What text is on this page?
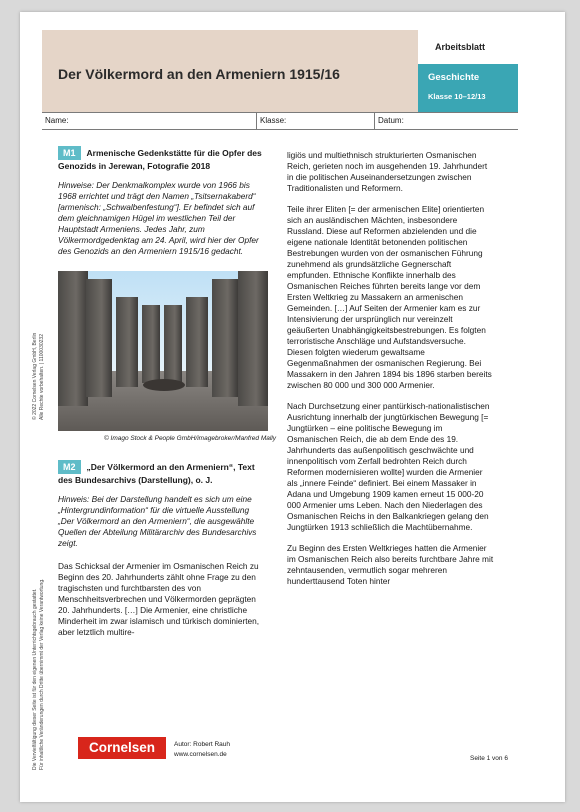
Der Völkermord an den Armeniern 1915/16
Arbeitsblatt
Geschichte
Klasse 10–12/13
Name:	Klasse:	Datum:
© 2022 Cornelsen Verlag GmbH, Berlin Alle Rechte vorbehalten. | 1100030232
Die Vervielfältigung dieser Seite ist für den eigenen Unterrichtsgebrauch gestattet. Für inhaltliche Veränderungen durch Dritte übernimmt der Verlag keine Verantwortung.
M1 Armenische Gedenkstätte für die Opfer des Genozids in Jerewan, Fotografie 2018
Hinweise: Der Denkmalkomplex wurde von 1966 bis 1968 errichtet und trägt den Namen „Tsitsernakaberd“ [armenisch: „Schwalbenfestung“]. Er befindet sich auf dem gleichnamigen Hügel im westlichen Teil der Hauptstadt Armeniens. Jedes Jahr, zum Völkermordgedenktag am 24. April, wird hier der Opfer des Genozids an den Armeniern 1915/16 gedacht.
© Imago Stock & People GmbH/imagebroker/Manfred Mally
M2 „Der Völkermord an den Armeniern“, Text des Bundesarchivs (Darstellung), o. J.
Hinweis: Bei der Darstellung handelt es sich um eine „Hintergrundinformation“ für die virtuelle Ausstellung „Der Völkermord an den Armeniern“, die ausgewählte Quellen der Abteilung Militärarchiv des Bundesarchivs zeigt.

Das Schicksal der Armenier im Osmanischen Reich zu Beginn des 20. Jahrhunderts zählt ohne Frage zu den tragischsten und furchtbarsten des von Menschheitsverbrechen und Völkermorden geprägten 20. Jahrhunderts. […] Die Armenier, eine christliche Minderheit im zwar islamisch und türkisch dominierten, aber letztlich multire-

ligiös und multiethnisch strukturierten Osmanischen Reich, gerieten noch im ausgehenden 19. Jahrhundert in die politischen Auseinandersetzungen zwischen Traditionalisten und Reformern.

Teile ihrer Eliten [= der armenischen Elite] orientierten sich an ausländischen Mächten, insbesondere Russland. Diese auf Reformen abzielenden und die eigene nationale Identität betonenden politischen Bestrebungen wurden von der osmanischen Führung zunehmend als grundsätzliche Gegnerschaft empfunden. Ethnische Konflikte innerhalb des Osmanischen Reiches führten bereits lange vor dem Ersten Weltkrieg zu Massakern an armenischen Gemeinden. […] Auf Seiten der Armenier kam es zur Intensivierung der ursprünglich nur vereinzelt geäußerten Unabhängigkeitsbestrebungen. Es folgten terroristische Anschläge und Aufstandsversuche. Diesen folgten wiederum gewaltsame Gegenmaßnahmen der osmanischen Regierung. Bei Massakern in den Jahren 1894 bis 1896 starben bereits zwischen 80 000 und 300 000 Armenier.

Nach Durchsetzung einer pantürkisch-nationalistischen Ausrichtung innerhalb der jungtürkischen Bewegung [= Jungtürken – eine politische Bewegung im Osmanischen Reich, die ab dem Ende des 19. Jahrhunderts das außenpolitisch geschwächte und innenpolitisch vom Zerfall bedrohten Reich durch Reformen modernisieren wollte] wurden die Armenier als „innere Feinde“ definiert. Bei einem Massaker in Adana und Umgebung 1909 kamen erneut 15 000-20 000 Armenier ums Leben. Nach den Niederlagen des Osmanischen Reichs in den Balkankriegen gelang den Jungtürken 1913 schließlich die Machtübernahme.

Zu Beginn des Ersten Weltkrieges hatten die Armenier im Osmanischen Reich also bereits furchtbare Jahre mit zehntausenden, vermutlich sogar mehreren hunderttausend Toten hinter

Cornelsen	Autor: Robert Rauh
www.cornelsen.de
Seite 1 von 6
